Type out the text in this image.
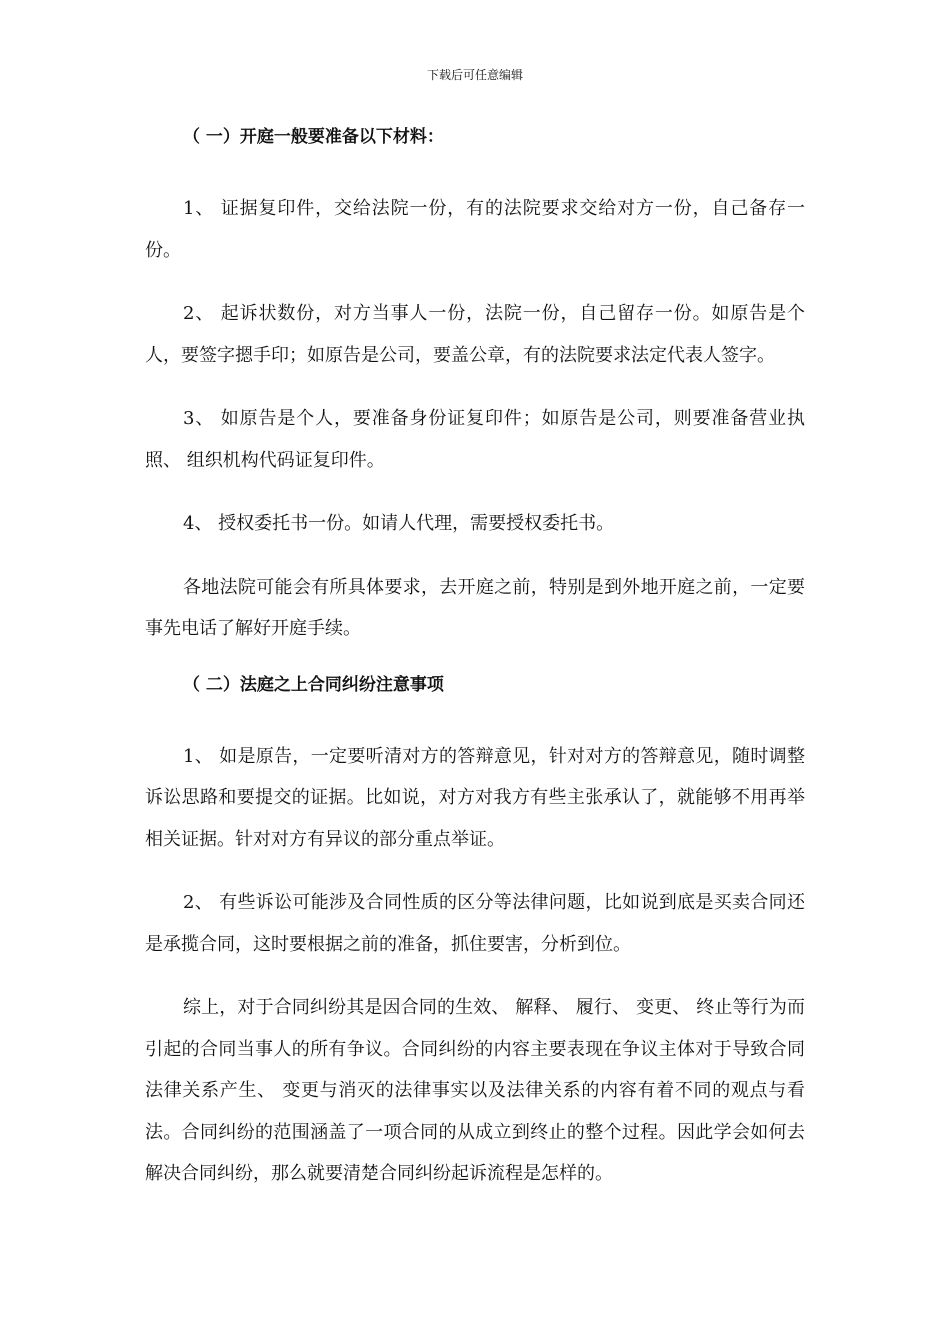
下载后可任意编辑
（ 一）开庭一般要准备以下材料：

1、 证据复印件，交给法院一份，有的法院要求交给对方一份，自己备存一份。

2、 起诉状数份，对方当事人一份，法院一份，自己留存一份。如原告是个人，要签字摁手印；如原告是公司，要盖公章，有的法院要求法定代表人签字。

3、 如原告是个人，要准备身份证复印件；如原告是公司，则要准备营业执照、 组织机构代码证复印件。

4、 授权委托书一份。如请人代理，需要授权委托书。

各地法院可能会有所具体要求，去开庭之前，特别是到外地开庭之前，一定要事先电话了解好开庭手续。

（ 二）法庭之上合同纠纷注意事项

1、 如是原告，一定要听清对方的答辩意见，针对对方的答辩意见，随时调整诉讼思路和要提交的证据。比如说，对方对我方有些主张承认了，就能够不用再举相关证据。针对对方有异议的部分重点举证。

2、 有些诉讼可能涉及合同性质的区分等法律问题，比如说到底是买卖合同还是承揽合同，这时要根据之前的准备，抓住要害，分析到位。

综上，对于合同纠纷其是因合同的生效、 解释、 履行、 变更、 终止等行为而引起的合同当事人的所有争议。合同纠纷的内容主要表现在争议主体对于导致合同法律关系产生、 变更与消灭的法律事实以及法律关系的内容有着不同的观点与看法。合同纠纷的范围涵盖了一项合同的从成立到终止的整个过程。因此学会如何去解决合同纠纷，那么就要清楚合同纠纷起诉流程是怎样的。
